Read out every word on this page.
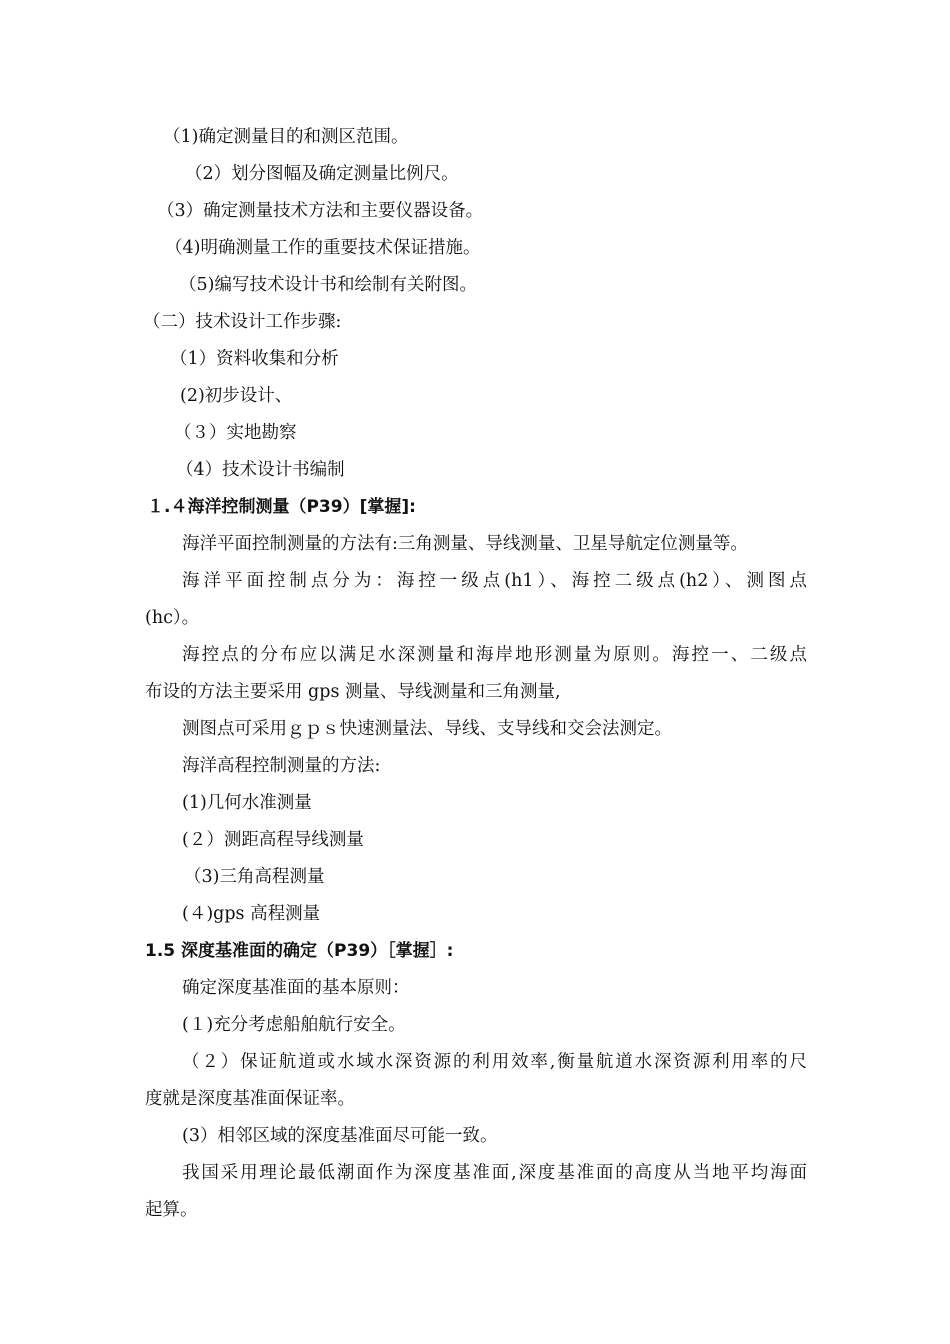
（1)确定测量目的和测区范围。
（2）划分图幅及确定测量比例尺。
（3）确定测量技术方法和主要仪器设备。
（4)明确测量工作的重要技术保证措施。
（5)编写技术设计书和绘制有关附图。
（二）技术设计工作步骤:
（1）资料收集和分析
(2)初步设计、
（３）实地勘察
（4）技术设计书编制
１.４海洋控制测量（P39）[掌握]:
海洋平面控制测量的方法有:三角测量、导线测量、卫星导航定位测量等。
海洋平面控制点分为：海控一级点(h1）、海控二级点(h2）、测图点
(hc）。
海控点的分布应以满足水深测量和海岸地形测量为原则。海控一、二级点
布设的方法主要采用 gps 测量、导线测量和三角测量,
测图点可采用ｇｐｓ快速测量法、导线、支导线和交会法测定。
海洋高程控制测量的方法:
(1)几何水准测量
(２）测距高程导线测量
（3)三角高程测量
(４)gps 高程测量
1.5 深度基准面的确定（P39）［掌握］:
确定深度基准面的基本原则：
(１)充分考虑船舶航行安全。
（２）保证航道或水域水深资源的利用效率,衡量航道水深资源利用率的尺
度就是深度基准面保证率。
(3）相邻区域的深度基准面尽可能一致。
我国采用理论最低潮面作为深度基准面,深度基准面的高度从当地平均海面
起算。
